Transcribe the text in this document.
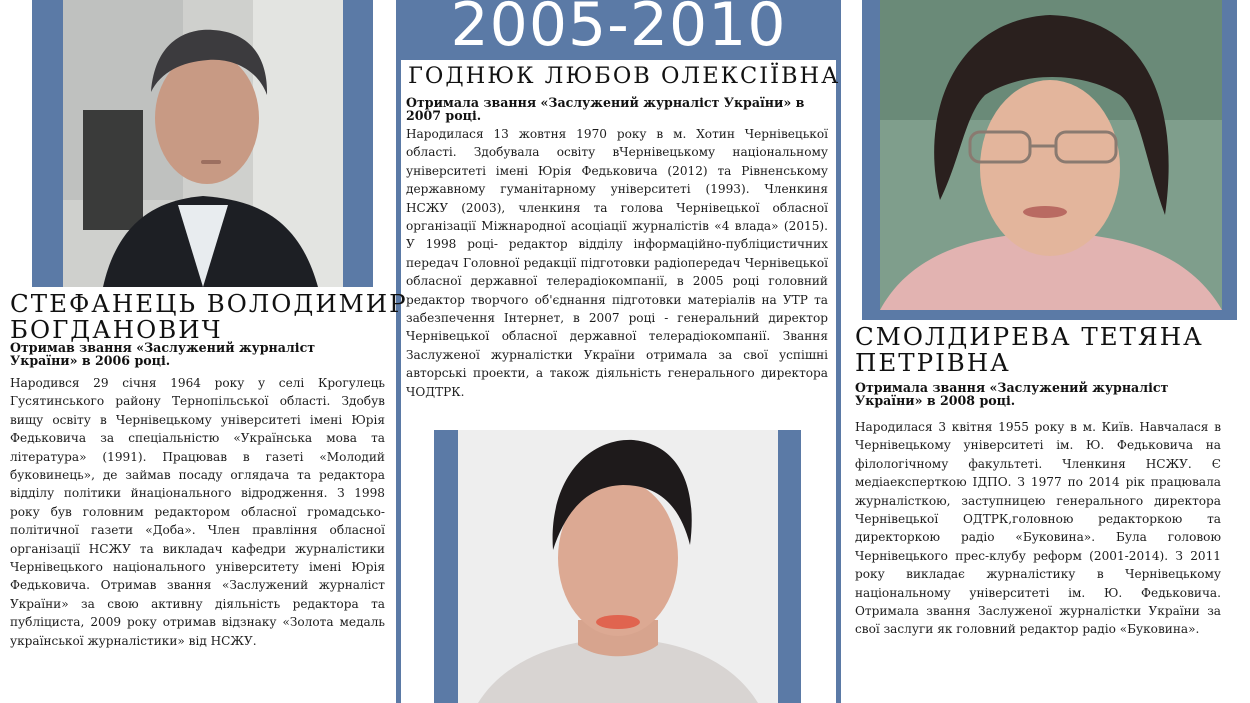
2005-2010
СТЕФАНЕЦЬ ВОЛОДИМИР
БОГДАНОВИЧ

Отримав звання «Заслужений журналіст України» в 2006 році.

Народився 29 січня 1964 року у селі Крогулець Гусятинського району Тернопільської області. Здобув вищу освіту в Чернівецькому університеті імені Юрія Федьковича за спеціальністю «Українська мова та література» (1991). Працював в газеті «Молодий буковинець», де займав посаду оглядача та редактора відділу політики йнаціонального відродження. З 1998 року був головним редактором обласної громадсько-політичної газети «Доба». Член правління обласної організації НСЖУ та викладач кафедри журналістики Чернівецького національного університету імені Юрія Федьковича. Отримав звання «Заслужений журналіст України» за свою активну діяльність редактора та публіциста, 2009 року отримав відзнаку «Золота медаль української журналістики» від НСЖУ.

ГОДНЮК ЛЮБОВ ОЛЕКСІЇВНА

Отримала звання «Заслужений журналіст України» в 2007 році.

Народилася 13 жовтня 1970 року в м. Хотин Чернівецької області. Здобувала освіту вЧернівецькому національному університеті імені Юрія Федьковича (2012) та Рівненському державному гуманітарному університеті (1993). Членкиня НСЖУ (2003), членкиня та голова Чернівецької обласної організації Міжнародної асоціації журналістів «4 влада» (2015). У 1998 році- редактор відділу інформаційно-публіцистичних передач Головної редакції підготовки радіопередач Чернівецької обласної державної телерадіокомпанії, в 2005 році головний редактор творчого об'єднання підготовки матеріалів на УТР та забезпечення Інтернет, в 2007 році - генеральний директор Чернівецької обласної державної телерадіокомпанії. Звання Заслуженої журналістки України отримала за свої успішні авторські проекти, а також діяльність генерального директора ЧОДТРК.

СМОЛДИРЕВА ТЕТЯНА
ПЕТРІВНА

Отримала звання «Заслужений журналіст України» в 2008 році.

Народилася 3 квітня 1955 року в м. Київ. Навчалася в Чернівецькому університеті ім. Ю. Федьковича на філологічному факультеті. Членкиня НСЖУ. Є медіаексперткою ІДПО. З 1977 по 2014 рік працювала журналісткою, заступницею генерального директора Чернівецької ОДТРК,головною редакторкою та директоркою радіо «Буковина». Була головою Чернівецького прес-клубу реформ (2001-2014). З 2011 року викладає журналістику в Чернівецькому національному університеті ім. Ю. Федьковича. Отримала звання Заслуженої журналістки України за свої заслуги як головний редактор радіо «Буковина».
